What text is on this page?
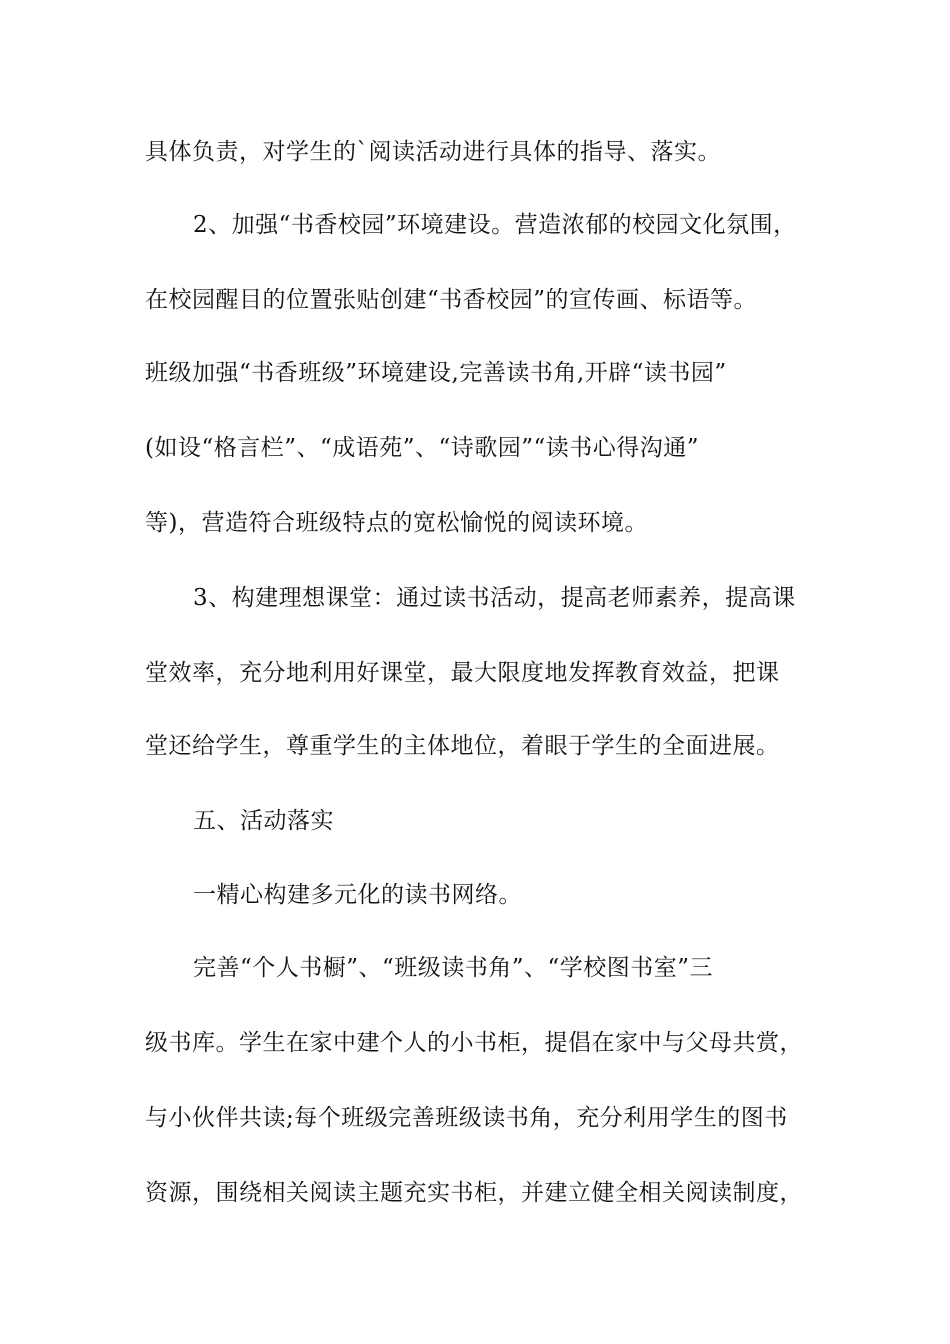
具体负责，对学生的`阅读活动进行具体的指导、落实。
2、加强“书香校园”环境建设。营造浓郁的校园文化氛围，
在校园醒目的位置张贴创建“书香校园”的宣传画、标语等。
班级加强“书香班级”环境建设,完善读书角,开辟“读书园”
(如设“格言栏”、“成语苑”、“诗歌园”“读书心得沟通”
等)，营造符合班级特点的宽松愉悦的阅读环境。
3、构建理想课堂：通过读书活动，提高老师素养，提高课
堂效率，充分地利用好课堂，最大限度地发挥教育效益，把课
堂还给学生，尊重学生的主体地位，着眼于学生的全面进展。
五、活动落实
一精心构建多元化的读书网络。
完善“个人书橱”、“班级读书角”、“学校图书室”三
级书库。学生在家中建个人的小书柜，提倡在家中与父母共赏，
与小伙伴共读;每个班级完善班级读书角，充分利用学生的图书
资源，围绕相关阅读主题充实书柜，并建立健全相关阅读制度，
